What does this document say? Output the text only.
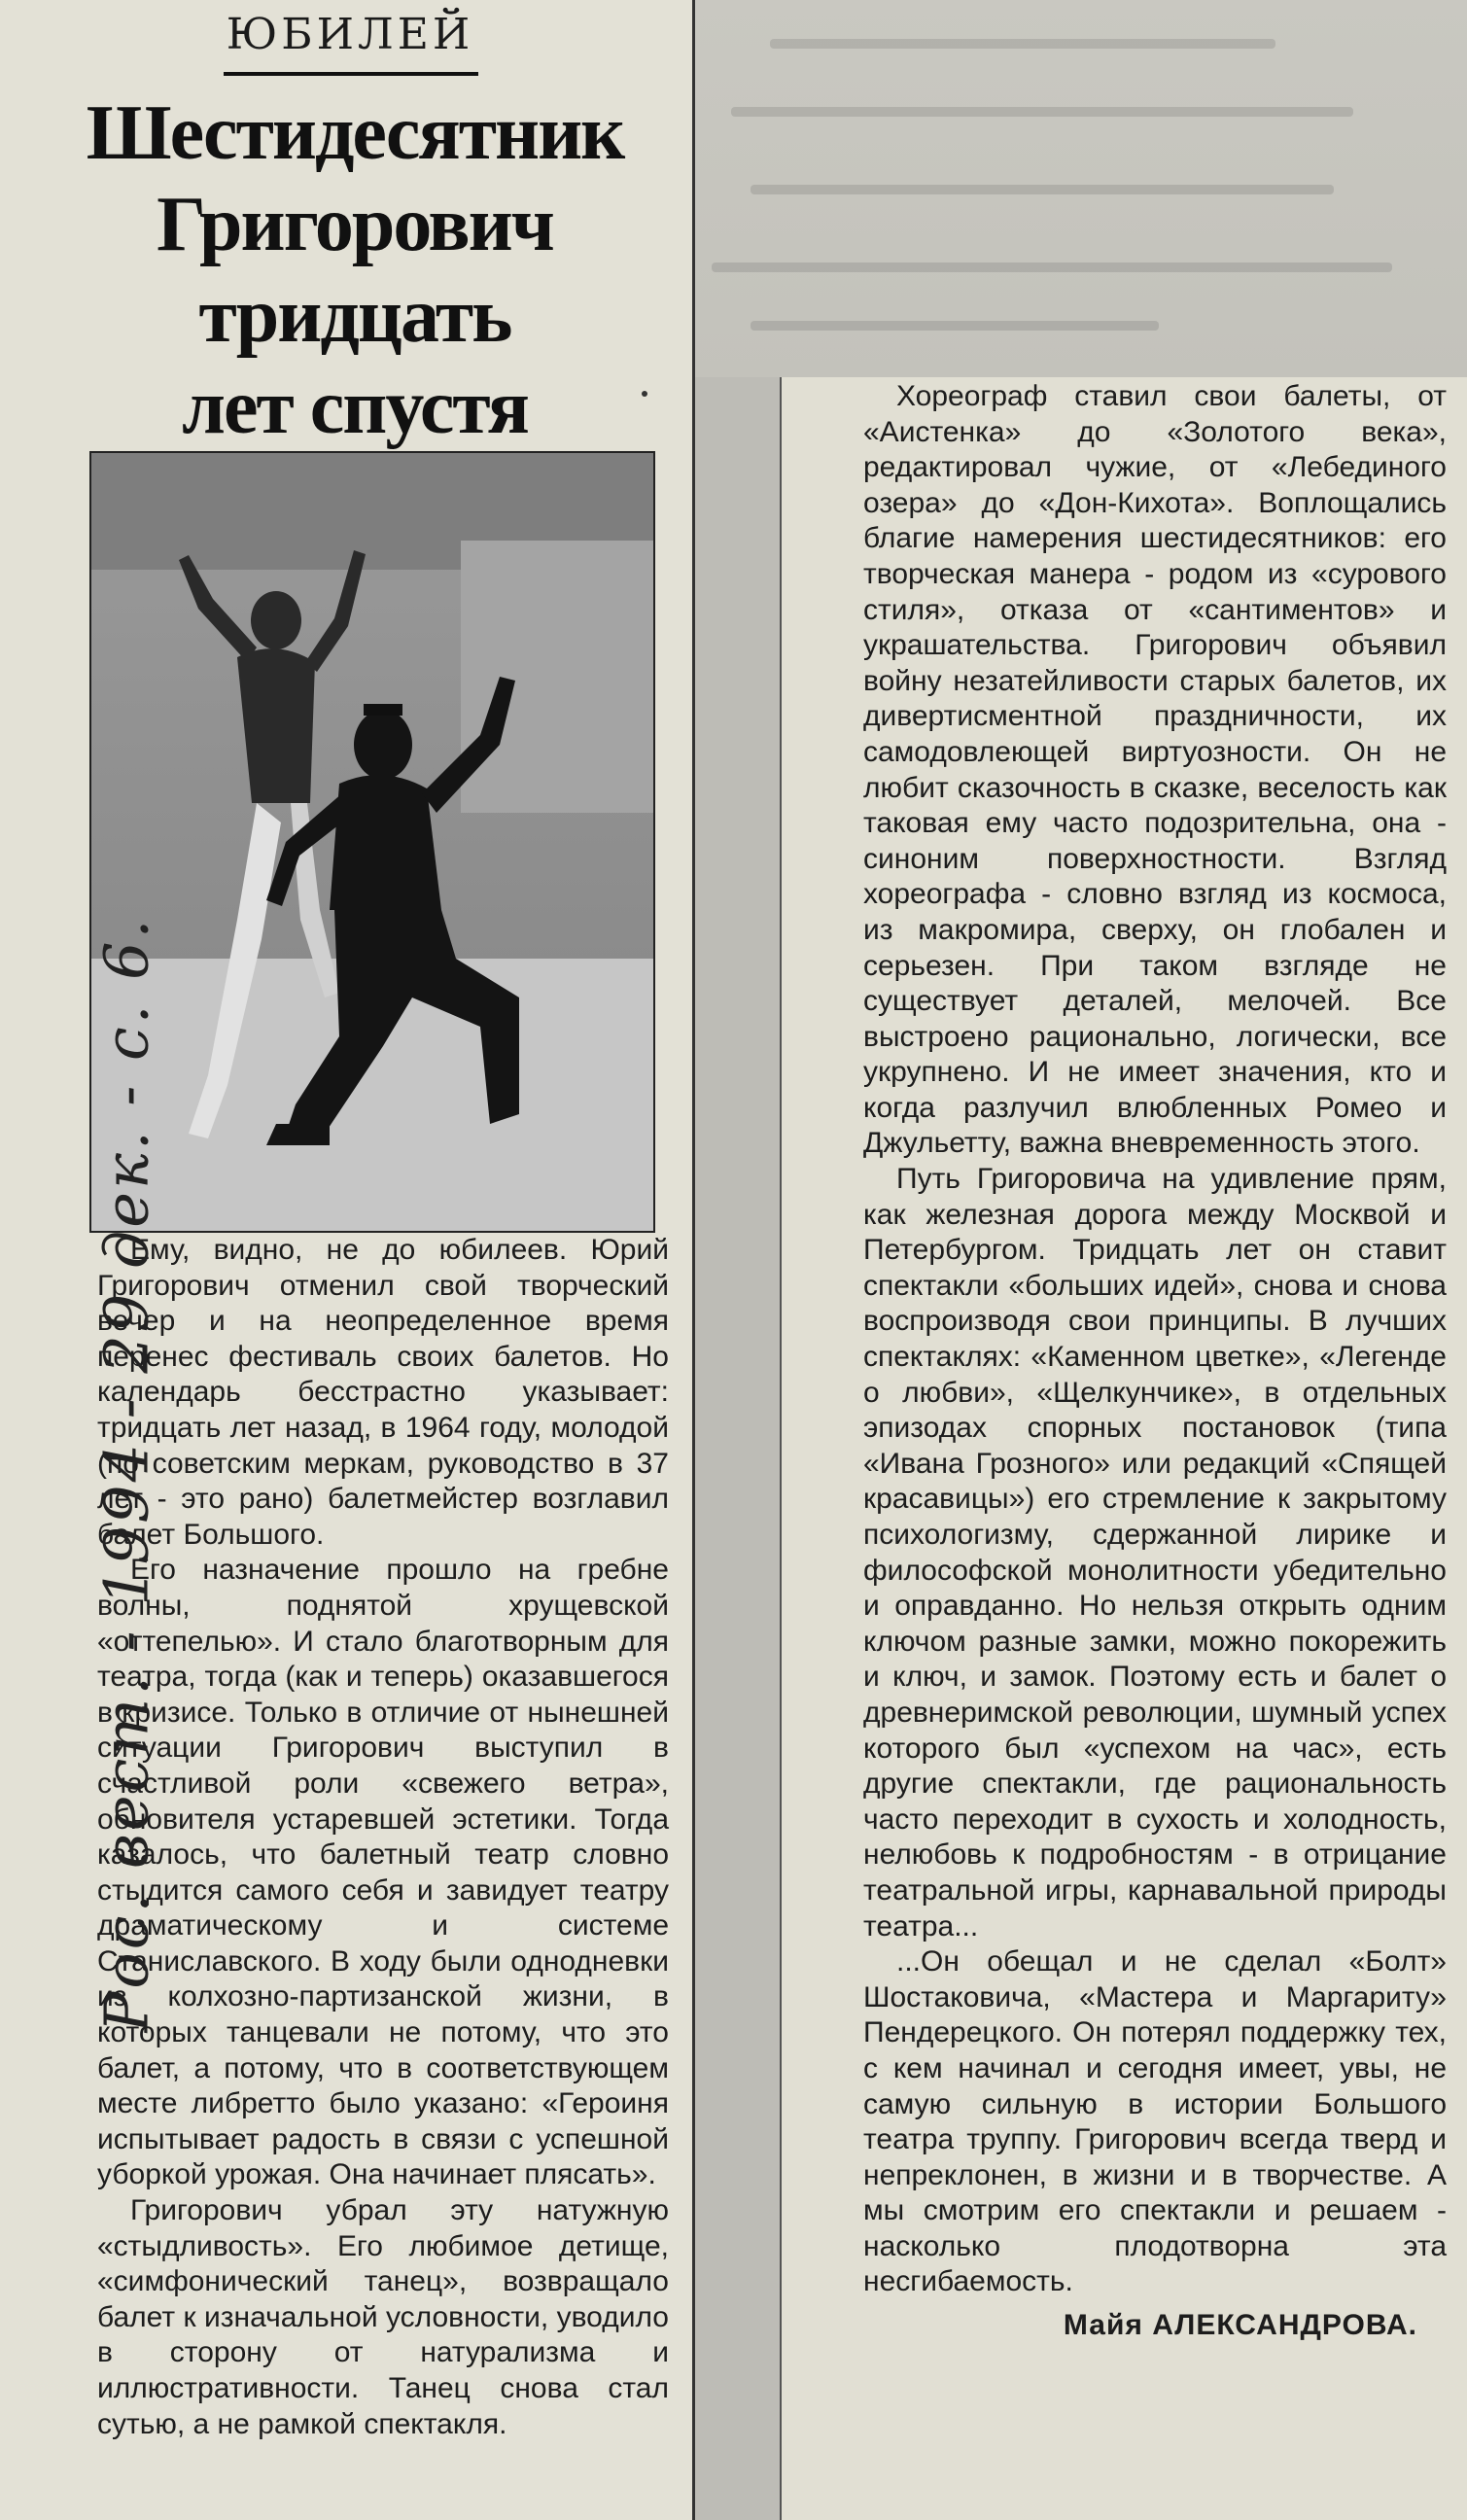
ЮБИЛЕЙ
Шестидесятник
Григорович
тридцать
лет спустя

Ему, видно, не до юбилеев. Юрий Григорович отменил свой творческий вечер и на неопределенное время перенес фестиваль своих балетов. Но календарь бесстрастно указывает: тридцать лет назад, в 1964 году, молодой (по советским меркам, руководство в 37 лет - это рано) балетмейстер возглавил балет Большого.

Его назначение прошло на гребне волны, поднятой хрущевской «оттепелью». И стало благотворным для театра, тогда (как и теперь) оказавшегося в кризисе. Только в отличие от нынешней ситуации Григорович выступил в счастливой роли «свежего ветра», обновителя устаревшей эстетики. Тогда казалось, что балетный театр словно стыдится самого себя и завидует театру драматическому и системе Станиславского. В ходу были однодневки из колхозно-партизанской жизни, в которых танцевали не потому, что это балет, а потому, что в соответствующем месте либретто было указано: «Героиня испытывает радость в связи с успешной уборкой урожая. Она начинает плясать».

Григорович убрал эту натужную «стыдливость». Его любимое детище, «симфонический танец», возвращало балет к изначальной условности, уводило в сторону от натурализма и иллюстративности. Танец снова стал сутью, а не рамкой спектакля.

Рос. вест. - 1994 - 29 дек. - с. 6.

Хореограф ставил свои балеты, от «Аистенка» до «Золотого века», редактировал чужие, от «Лебединого озера» до «Дон-Кихота». Воплощались благие намерения шестидесятников: его творческая манера - родом из «сурового стиля», отказа от «сантиментов» и украшательства. Григорович объявил войну незатейливости старых балетов, их дивертисментной праздничности, их самодовлеющей виртуозности. Он не любит сказочность в сказке, веселость как таковая ему часто подозрительна, она - синоним поверхностности. Взгляд хореографа - словно взгляд из космоса, из макромира, сверху, он глобален и серьезен. При таком взгляде не существует деталей, мелочей. Все выстроено рационально, логически, все укрупнено. И не имеет значения, кто и когда разлучил влюбленных Ромео и Джульетту, важна вневременность этого.

Путь Григоровича на удивление прям, как железная дорога между Москвой и Петербургом. Тридцать лет он ставит спектакли «больших идей», снова и снова воспроизводя свои принципы. В лучших спектаклях: «Каменном цветке», «Легенде о любви», «Щелкунчике», в отдельных эпизодах спорных постановок (типа «Ивана Грозного» или редакций «Спящей красавицы») его стремление к закрытому психологизму, сдержанной лирике и философской монолитности убедительно и оправданно. Но нельзя открыть одним ключом разные замки, можно покорежить и ключ, и замок. Поэтому есть и балет о древнеримской революции, шумный успех которого был «успехом на час», есть другие спектакли, где рациональность часто переходит в сухость и холодность, нелюбовь к подробностям - в отрицание театральной игры, карнавальной природы театра...

...Он обещал и не сделал «Болт» Шостаковича, «Мастера и Маргариту» Пендерецкого. Он потерял поддержку тех, с кем начинал и сегодня имеет, увы, не самую сильную в истории Большого театра труппу. Григорович всегда тверд и непреклонен, в жизни и в творчестве. А мы смотрим его спектакли и решаем - насколько плодотворна эта несгибаемость.

Майя АЛЕКСАНДРОВА.
